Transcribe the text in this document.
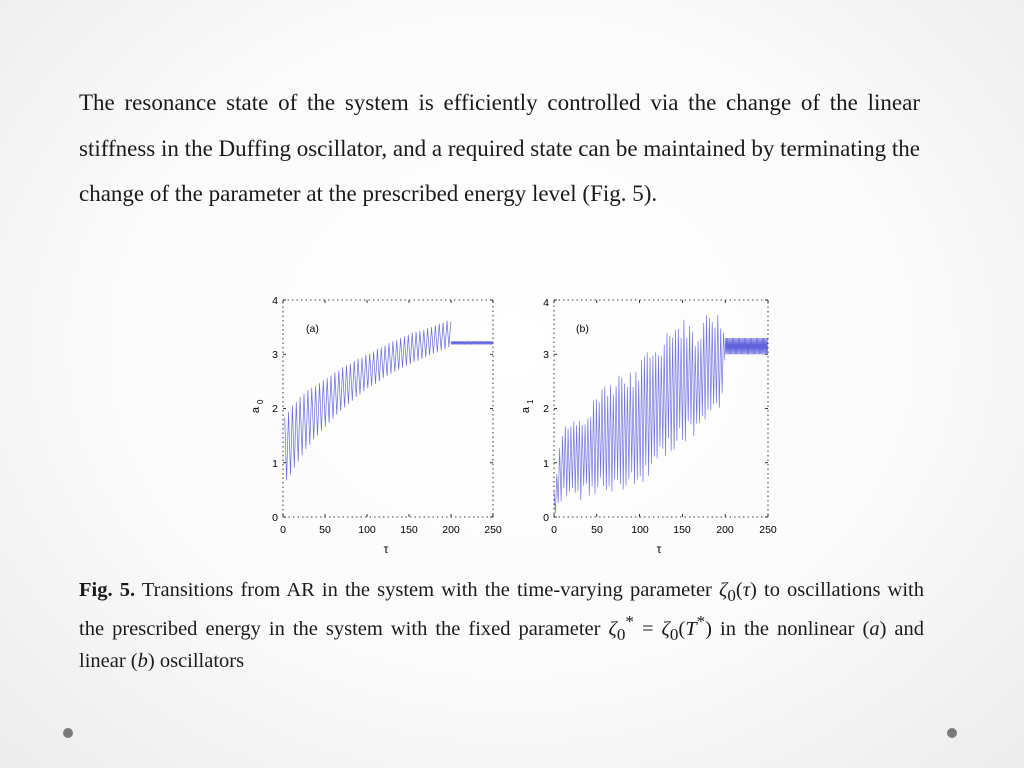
The resonance state of the system is efficiently controlled via the change of the linear stiffness in the Duffing oscillator, and a required state can be maintained by terminating the change of the parameter at the prescribed energy level (Fig. 5).

(a)
0
1
2
3
4
0	50	100 150 200 250
τ
a
0
(b)
0
1
2
3
4
0	50	100 150 200 250
τ
a
1

Fig. 5. Transitions from AR in the system with the time-varying parameter $\zeta_0(\tau)$ to oscillations with the prescribed energy in the system with the fixed parameter $\zeta_0^* = \zeta_0(T^*)$ in the nonlinear (a) and linear (b) oscillators
